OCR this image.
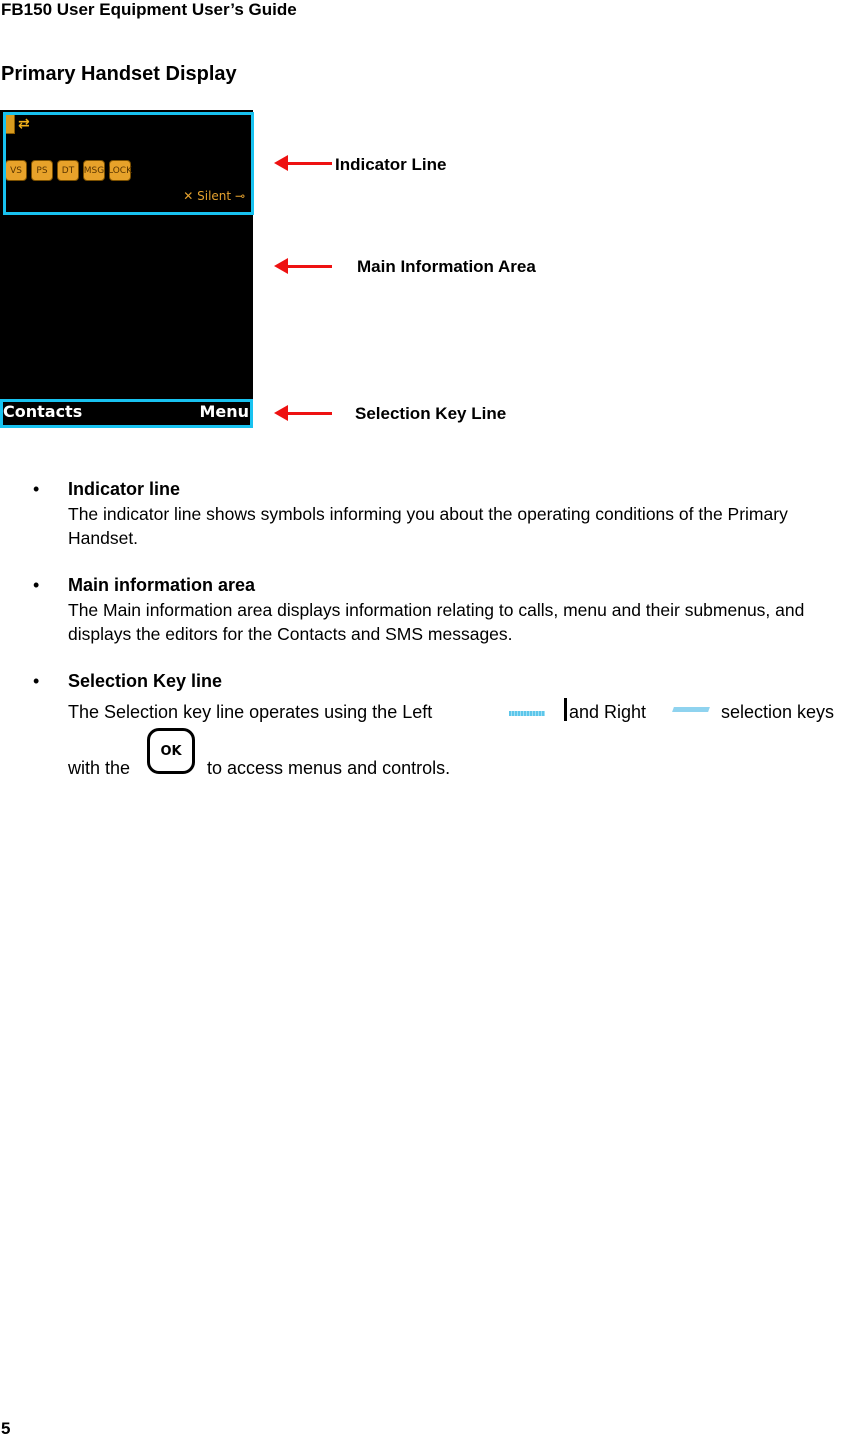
FB150 User Equipment User’s Guide
Primary Handset Display
⇄
VS	PS	DT	MSG LOCK
✕ Silent ⊸
Contacts	Menu
Indicator Line
Main Information Area
Selection Key Line
• Indicator line
The indicator line shows symbols informing you about the operating conditions of the Primary Handset.
• Main information area
The Main information area displays information relating to calls, menu and their submenus, and displays the editors for the Contacts and SMS messages.
• Selection Key line
The Selection key line operates using the Left	and Right	selection keys
with the
OK
to access menus and controls.
5
